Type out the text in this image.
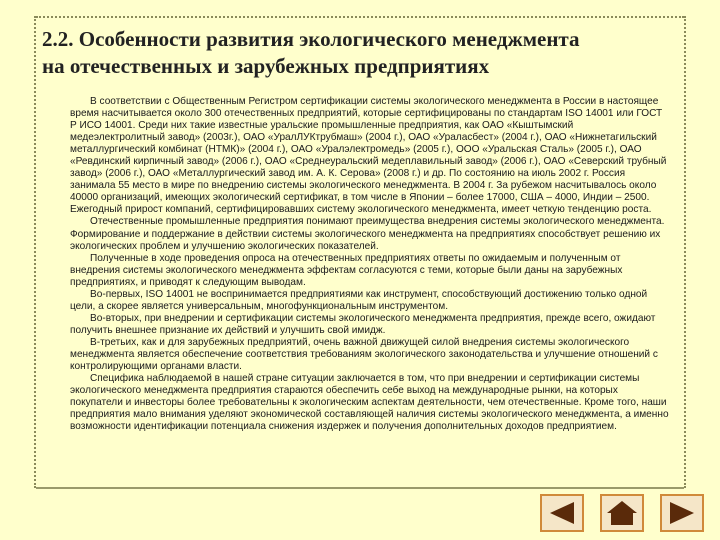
2.2. Особенности развития экологического менеджмента
на отечественных и зарубежных предприятиях

В соответствии с Общественным Регистром сертификации системы экологического менеджмента в России в настоящее время насчитывается около 300 отечественных предприятий, которые сертифицированы по стандартам ISO 14001 или ГОСТ Р ИСО 14001. Среди них такие известные уральские промышленные предприятия, как ОАО «Кыштымский медеэлектролитный завод» (2003г.), ОАО «УралЛУКтрубмаш» (2004 г.), ОАО «Ураласбест» (2004 г.), ОАО «Нижнетагильский металлургический комбинат (НТМК)» (2004 г.), ОАО «Уралэлектромедь» (2005 г.), ООО «Уральская Сталь» (2005 г.), ОАО «Ревдинский кирпичный завод» (2006 г.), ОАО «Среднеуральский медеплавильный завод» (2006 г.), ОАО «Северский трубный завод» (2006 г.), ОАО «Металлургический завод им. А. К. Серова» (2008 г.) и др. По состоянию на июль 2002 г. Россия занимала 55 место в мире по внедрению системы экологического менеджмента. В 2004 г. За рубежом насчитывалось около 40000 организаций, имеющих экологический сертификат, в том числе в Японии – более 17000, США – 4000, Индии – 2500. Ежегодный прирост компаний, сертифицировавших систему экологического менеджмента, имеет четкую тенденцию роста.

Отечественные промышленные предприятия понимают преимущества внедрения системы экологического менеджмента. Формирование и поддержание в действии системы экологического менеджмента на предприятиях способствует решению их экологических проблем и улучшению экологических показателей.

Полученные в ходе проведения опроса на отечественных предприятиях ответы по ожидаемым и полученным от внедрения системы экологического менеджмента эффектам согласуются с теми, которые были даны на зарубежных предприятиях, и приводят к следующим выводам.

Во-первых, ISO 14001 не воспринимается предприятиями как инструмент, способствующий достижению только одной цели, а скорее является универсальным, многофункциональным инструментом.

Во-вторых, при внедрении и сертификации системы экологического менеджмента предприятия, прежде всего, ожидают получить внешнее признание их действий и улучшить свой имидж.

В-третьих, как и для зарубежных предприятий, очень важной движущей силой внедрения системы экологического менеджмента является обеспечение соответствия требованиям экологического законодательства и улучшение отношений с контролирующими органами власти.

Специфика наблюдаемой в нашей стране ситуации заключается в том, что при внедрении и сертификации системы экологического менеджмента предприятия стараются обеспечить себе выход на международные рынки, на которых покупатели и инвесторы более требовательны к экологическим аспектам деятельности, чем отечественные. Кроме того, наши предприятия мало внимания уделяют экономической составляющей наличия системы экологического менеджмента, а именно возможности идентификации потенциала снижения издержек и получения дополнительных доходов предприятием.
